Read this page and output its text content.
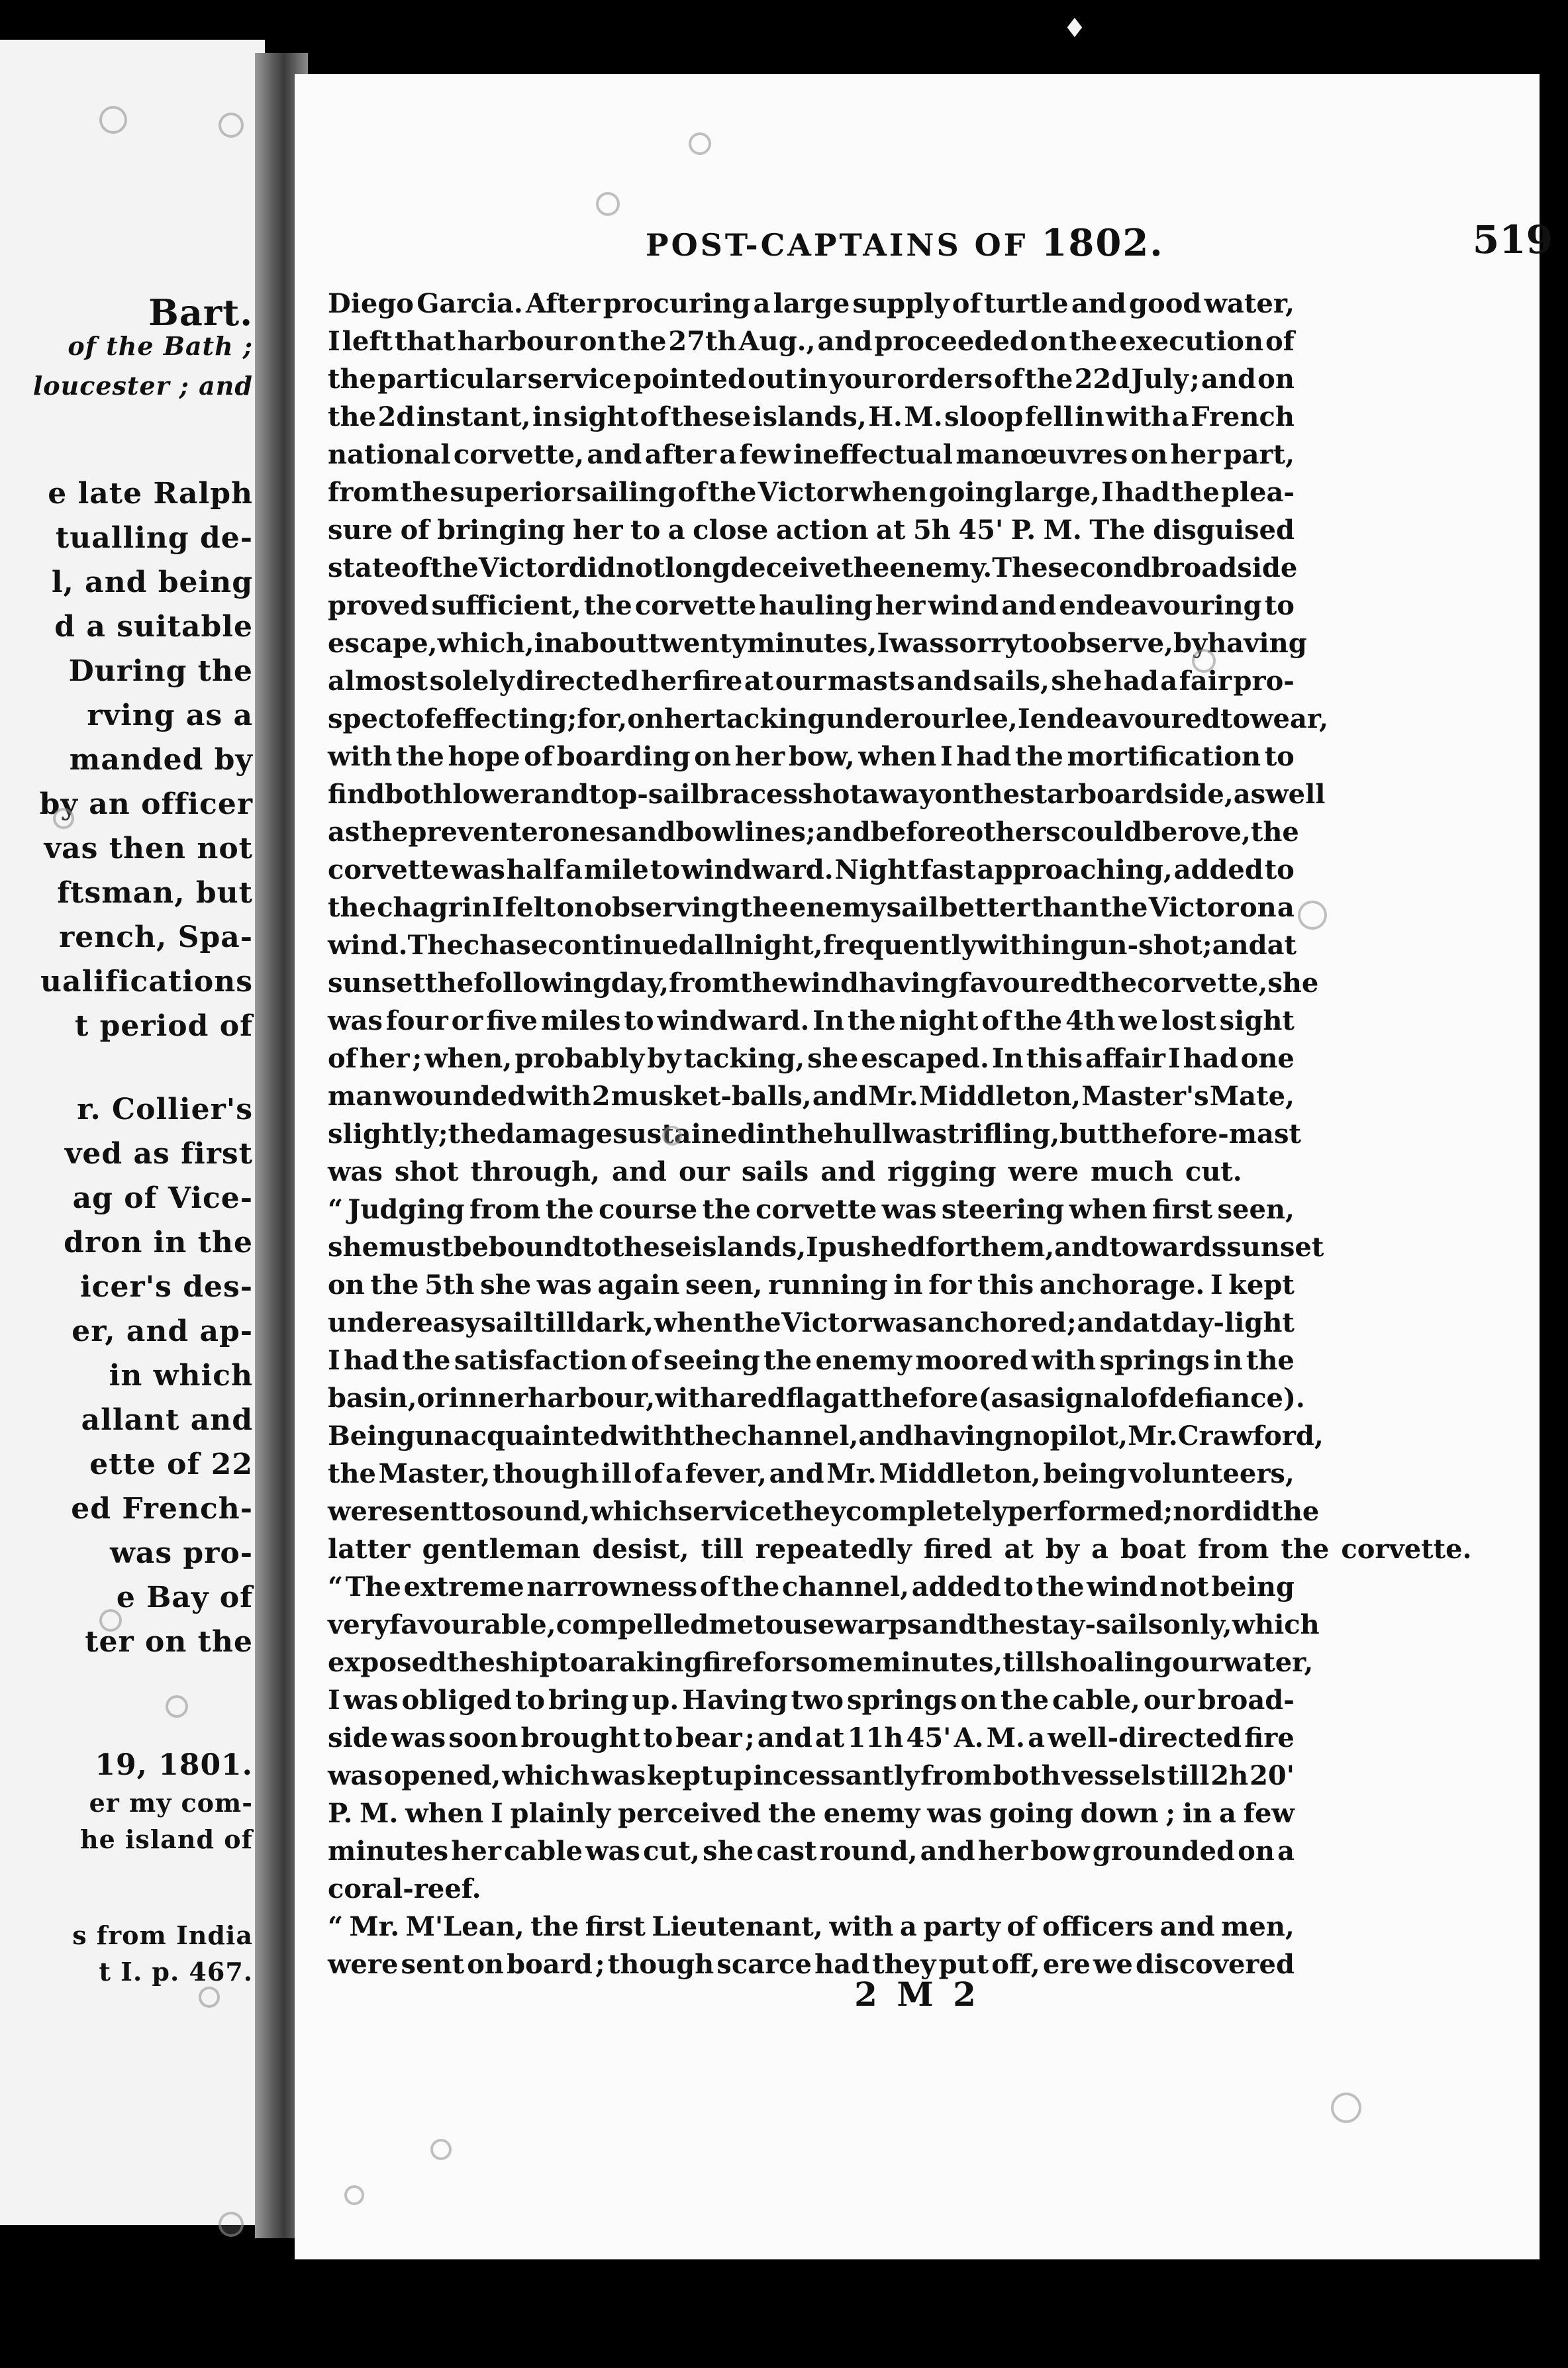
Bart.
of the Bath ;
loucester ; and
e late Ralph
tualling de-
l, and being
d a suitable
During the
rving as a
manded by
by an officer
vas then not
ftsman, but
rench, Spa-
ualifications
t period of
r. Collier's
ved as first
ag of Vice-
dron in the
icer's des-
er, and ap-
in which
allant and
ette of 22
ed French-
was pro-
e Bay of
ter on the
19, 1801.
er my com-
he island of
s from India
t I. p. 467.
POST-CAPTAINS OF 1802.	519
Diego Garcia. After procuring a large supply of turtle and good water,
I left that harbour on the 27th Aug., and proceeded on the execution of
the particular service pointed out in your orders of the 22d July ; and on
the 2d instant, in sight of these islands, H. M. sloop fell in with a French
national corvette, and after a few ineffectual manœuvres on her part,
from the superior sailing of the Victor when going large, I had the plea-
sure of bringing her to a close action at 5h 45' P. M. The disguised
state of the Victor did not long deceive the enemy. The second broadside
proved sufficient, the corvette hauling her wind and endeavouring to
escape, which, in about twenty minutes, I was sorry to observe, by having
almost solely directed her fire at our masts and sails, she had a fair pro-
spect of effecting; for, on her tacking under our lee, I endeavoured to wear,
with the hope of boarding on her bow, when I had the mortification to
find both lower and top-sail braces shot away on the starboard side, as well
as the preventer ones and bowlines ; and before others could be rove, the
corvette was half a mile to windward. Night fast approaching, added to
the chagrin I felt on observing the enemy sail better than the Victor on a
wind. The chase continued all night, frequently within gun-shot ; and at
sunset the following day, from the wind having favoured the corvette, she
was four or five miles to windward. In the night of the 4th we lost sight
of her ; when, probably by tacking, she escaped. In this affair I had one
man wounded with 2 musket-balls, and Mr. Middleton, Master's Mate,
slightly ; the damage sustained in the hull was trifling, but the fore-mast
was shot through, and our sails and rigging were much cut.
“ Judging from the course the corvette was steering when first seen,
she must be bound to these islands, I pushed for them, and towards sunset
on the 5th she was again seen, running in for this anchorage. I kept
under easy sail till dark, when the Victor was anchored ; and at day-light
I had the satisfaction of seeing the enemy moored with springs in the
basin, or inner harbour, with a red flag at the fore (as a signal of defiance).
Being unacquainted with the channel, and having no pilot, Mr. Crawford,
the Master, though ill of a fever, and Mr. Middleton, being volunteers,
were sent to sound, which service they completely performed ; nor did the
latter gentleman desist, till repeatedly fired at by a boat from the corvette.
“ The extreme narrowness of the channel, added to the wind not being
very favourable, compelled me to use warps and the stay-sails only, which
exposed the ship to a raking fire for some minutes, till shoaling our water,
I was obliged to bring up. Having two springs on the cable, our broad-
side was soon brought to bear ; and at 11h 45' A. M. a well-directed fire
was opened, which was kept up incessantly from both vessels till 2h 20'
P. M. when I plainly perceived the enemy was going down ; in a few
minutes her cable was cut, she cast round, and her bow grounded on a
coral-reef.
“ Mr. M'Lean, the first Lieutenant, with a party of officers and men,
were sent on board ; though scarce had they put off, ere we discovered
2 M 2
♦
